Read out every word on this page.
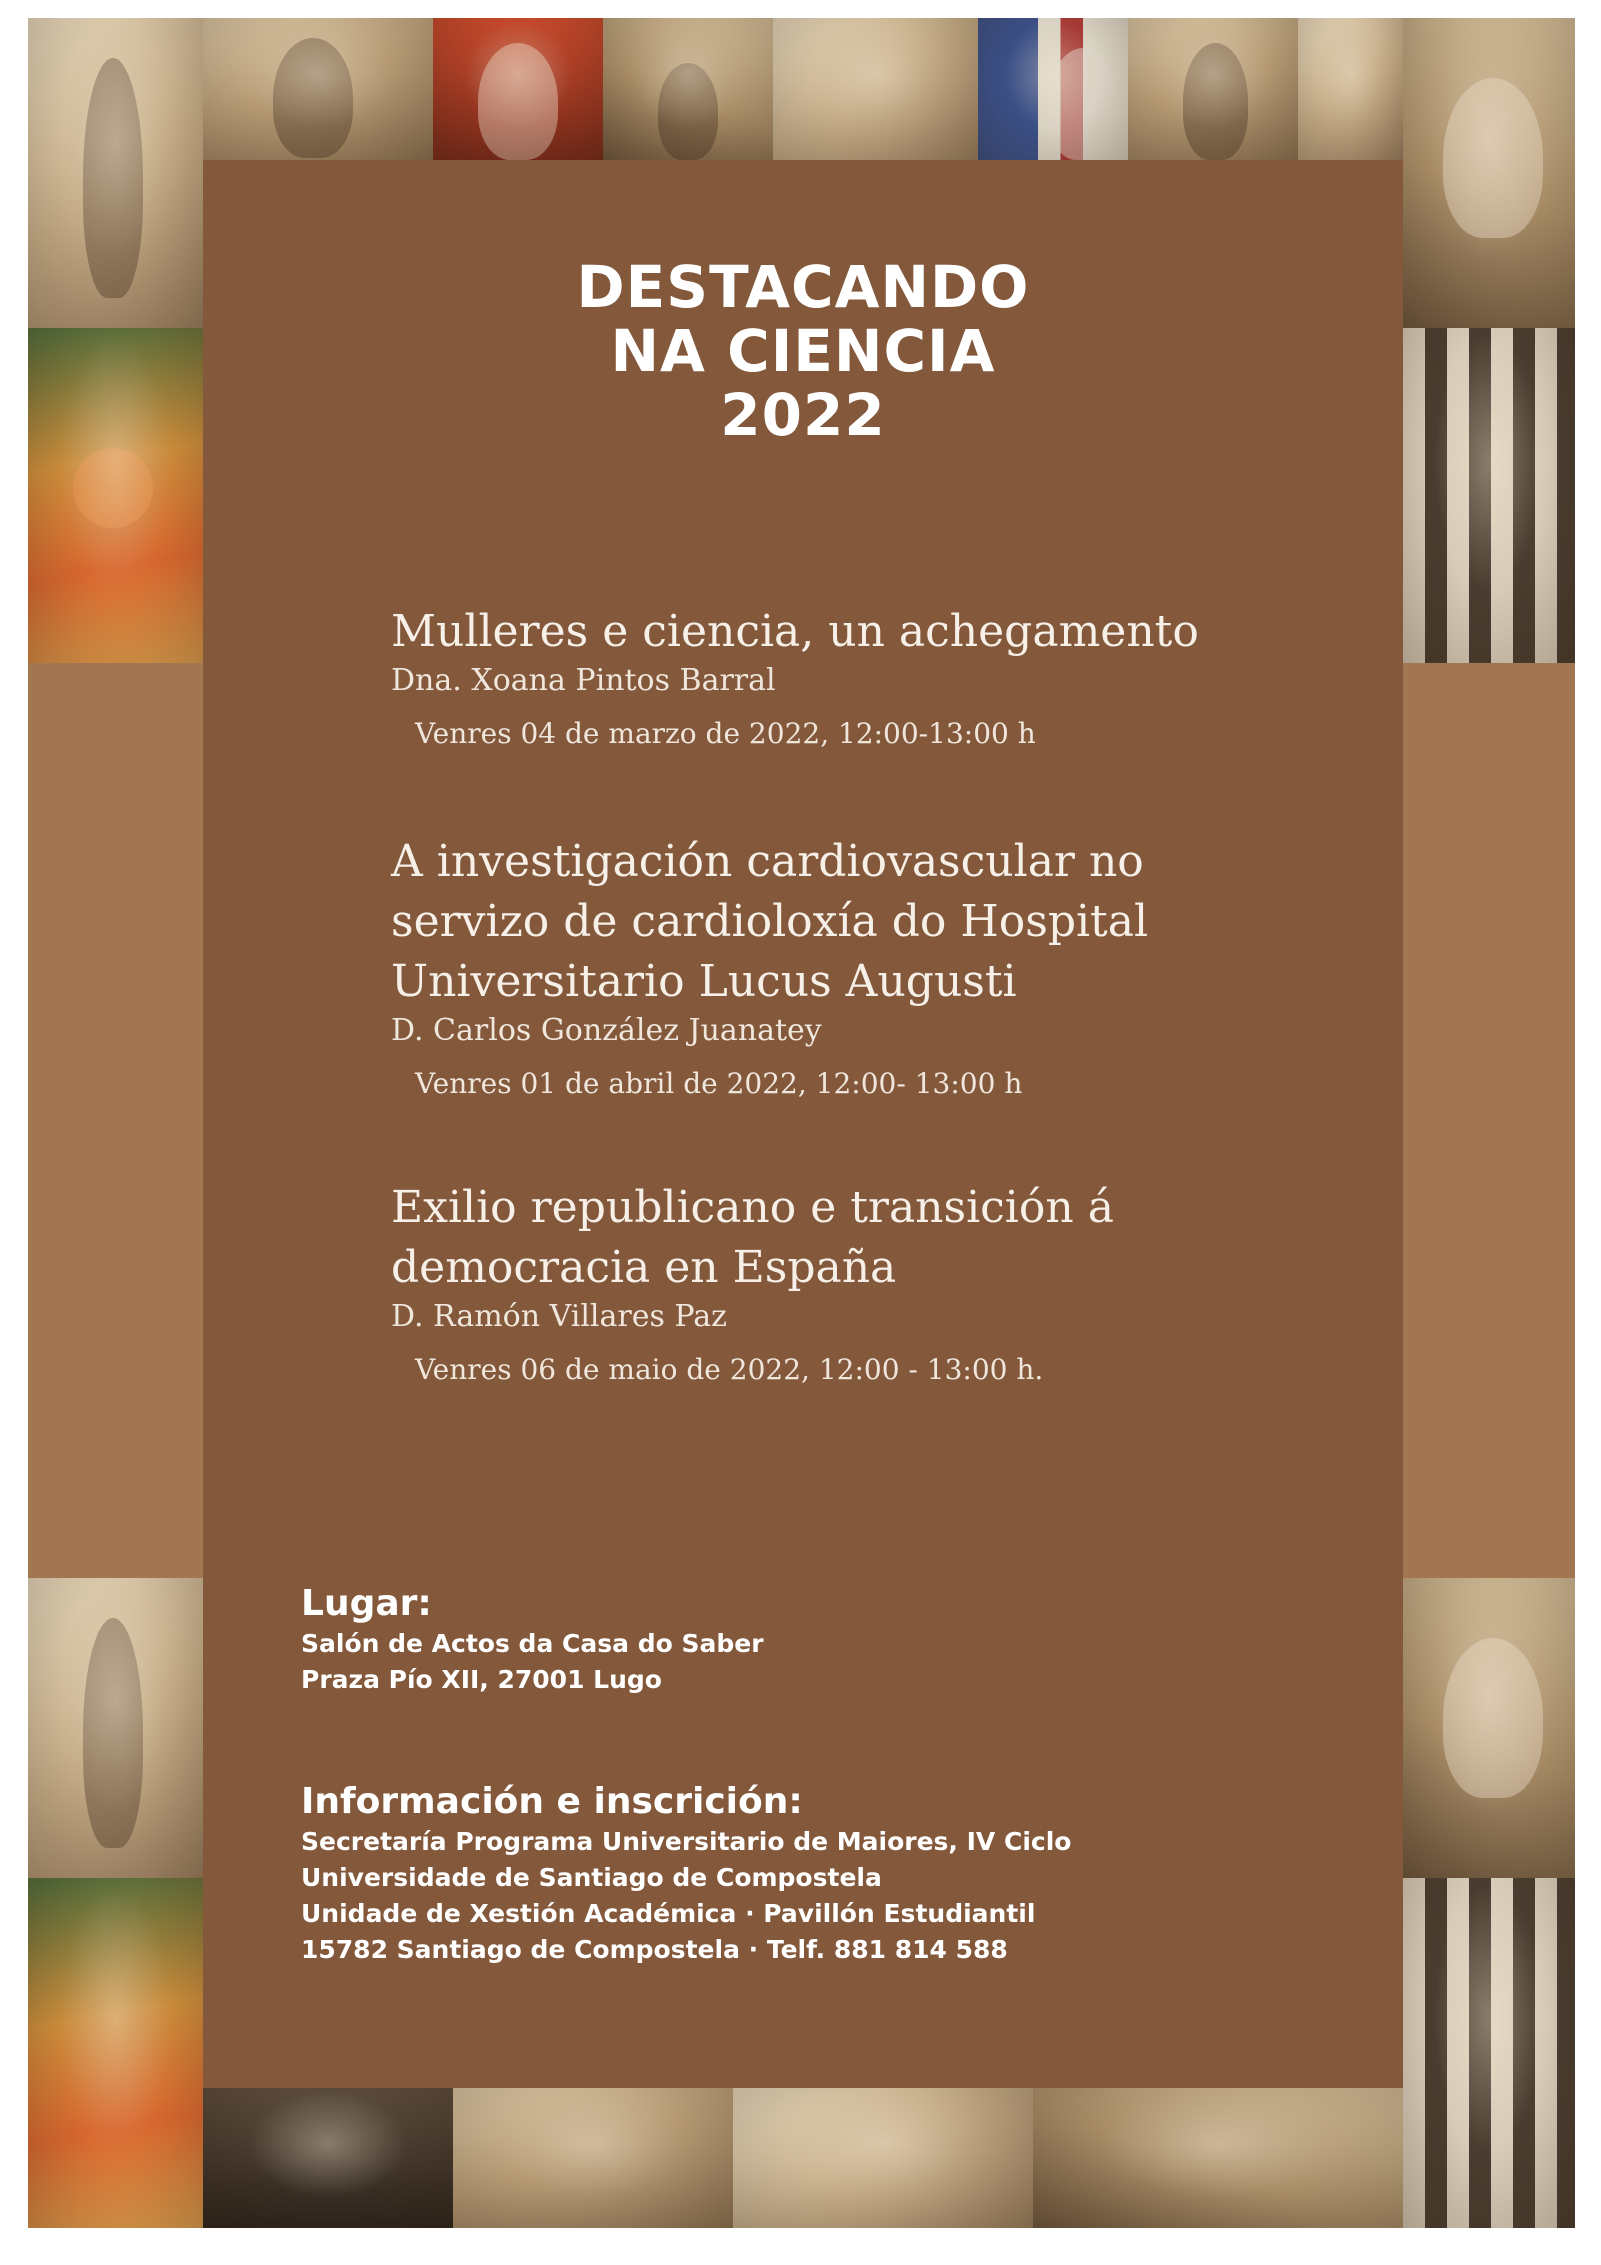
DESTACANDO
NA CIENCIA
2022
Mulleres e ciencia, un achegamento
Dna. Xoana Pintos Barral
Venres 04 de marzo de 2022, 12:00-13:00 h
A investigación cardiovascular no
servizo de cardioloxía do Hospital
Universitario Lucus Augusti
D. Carlos González Juanatey
Venres 01 de abril de 2022, 12:00- 13:00 h
Exilio republicano e transición á
democracia en España
D. Ramón Villares Paz
Venres 06 de maio de 2022, 12:00 - 13:00 h.
Lugar:
Salón de Actos da Casa do Saber
Praza Pío XII, 27001 Lugo
Información e inscrición:
Secretaría Programa Universitario de Maiores, IV Ciclo
Universidade de Santiago de Compostela
Unidade de Xestión Académica · Pavillón Estudiantil
15782 Santiago de Compostela · Telf. 881 814 588
